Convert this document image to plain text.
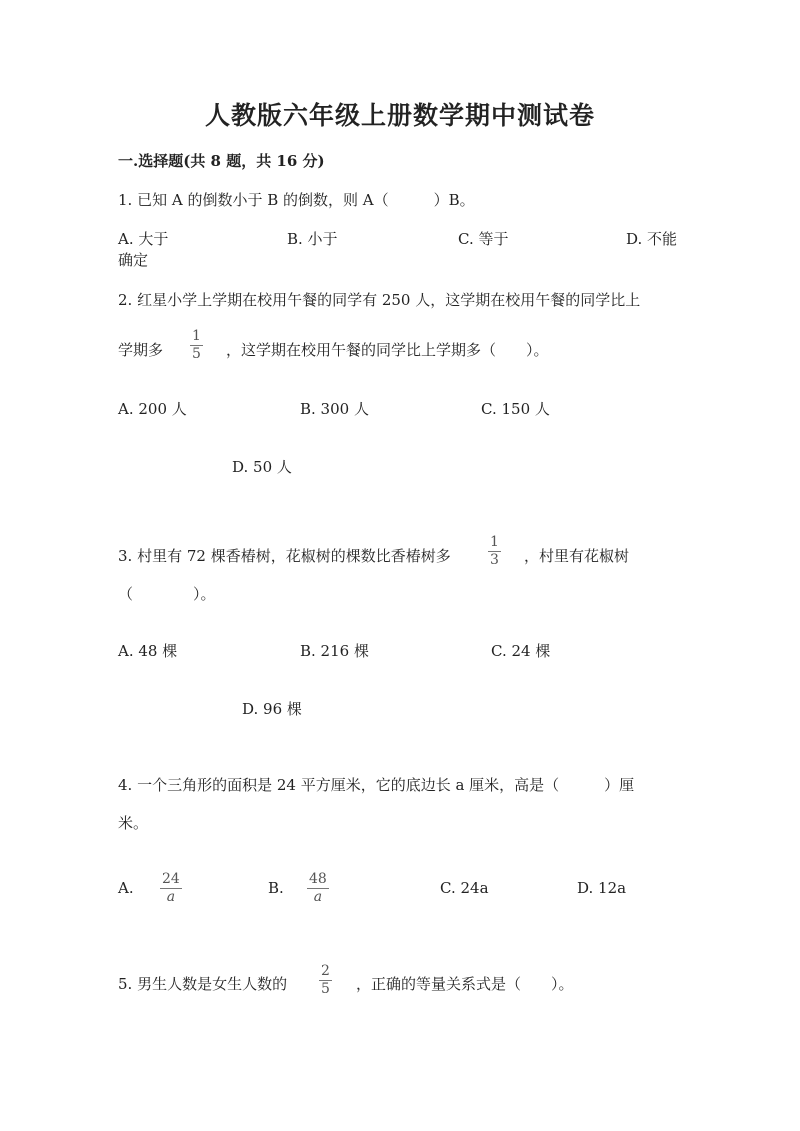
人教版六年级上册数学期中测试卷
一.选择题(共 8 题，共 16 分)
1. 已知 A 的倒数小于 B 的倒数，则 A（　　　）B。
A. 大于	B. 小于	C. 等于	D. 不能
确定
2. 红星小学上学期在校用午餐的同学有 250 人，这学期在校用午餐的同学比上
学期多
1
5 ，这学期在校用午餐的同学比上学期多（　　）。
A. 200 人	B. 300 人	C. 150 人
D. 50 人
3. 村里有 72 棵香椿树，花椒树的棵数比香椿树多
1
3 ，村里有花椒树
（　　　　）。
A. 48 棵	B. 216 棵	C. 24 棵
D. 96 棵
4. 一个三角形的面积是 24 平方厘米，它的底边长 a 厘米，高是（　　　）厘
米。
A. 24
a	B. 48
a	C. 24a	D. 12a
5. 男生人数是女生人数的
2
5 ，正确的等量关系式是（　　）。
